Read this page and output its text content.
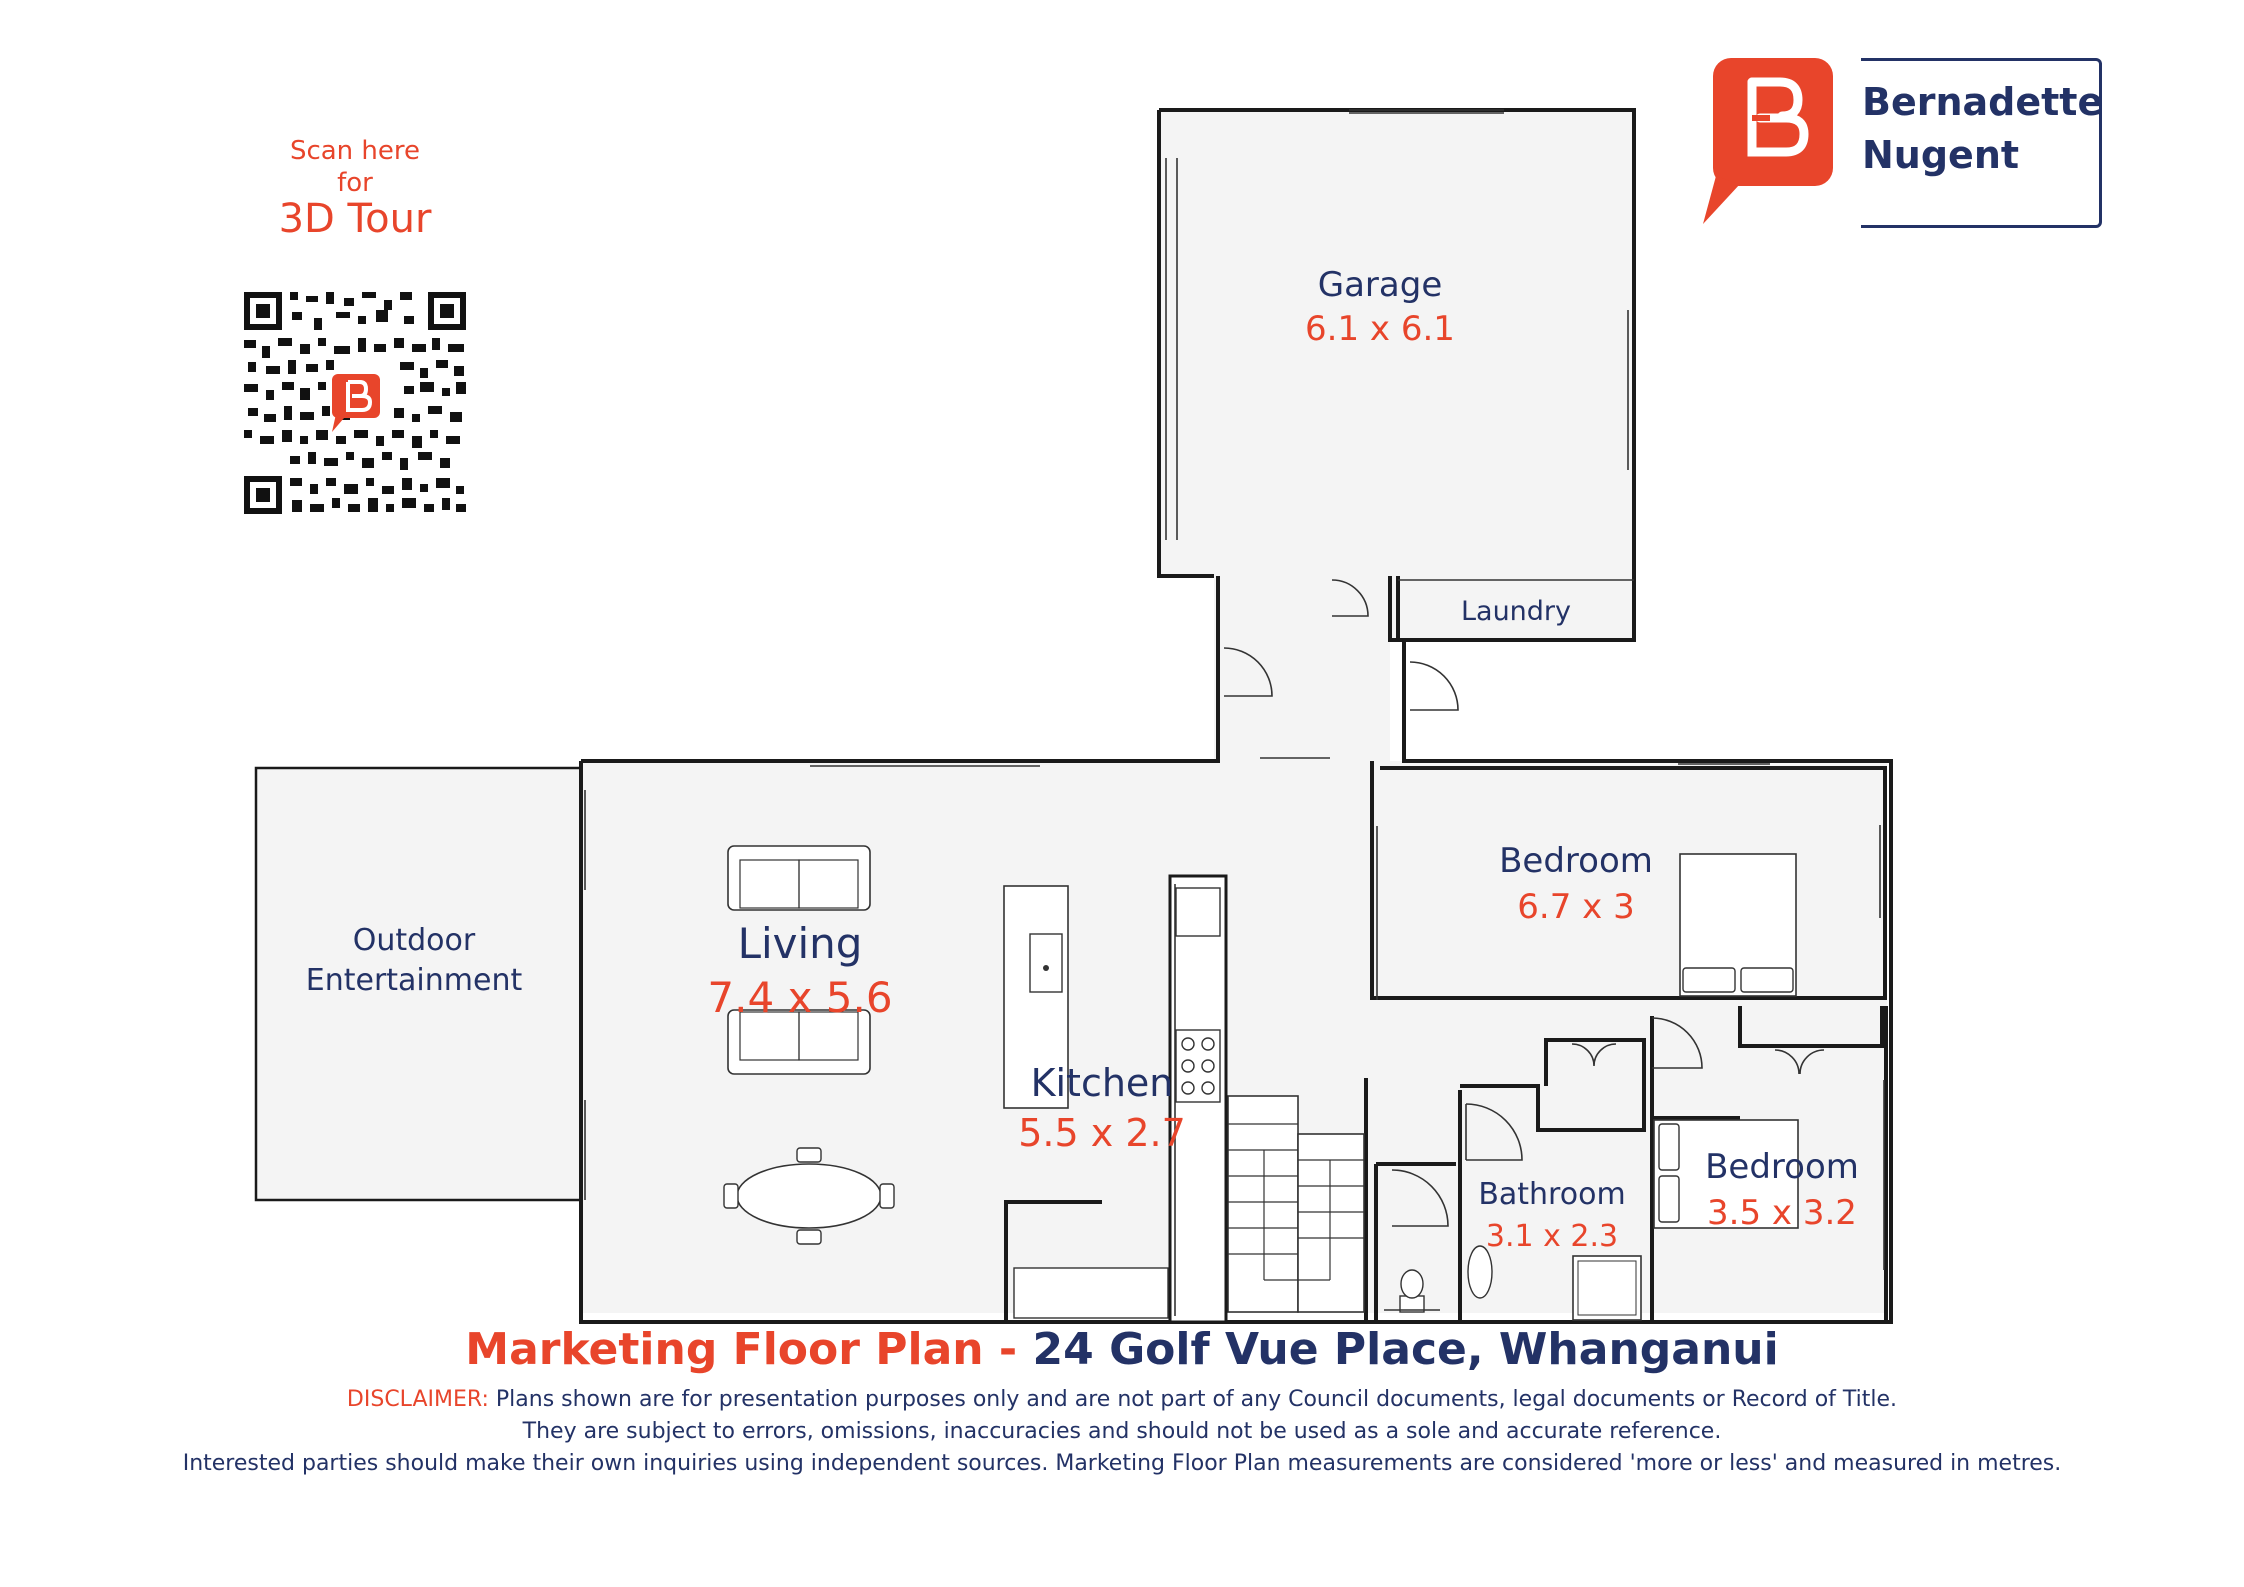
Scan here
for
3D Tour
Bernadette
Nugent
Garage
6.1 x 6.1
Laundry
Outdoor
Entertainment
Living
7.4 x 5.6
Kitchen
5.5 x 2.7
Bedroom
6.7 x 3
Bathroom
3.1 x 2.3
Bedroom
3.5 x 3.2
Marketing Floor Plan - 24 Golf Vue Place, Whanganui
DISCLAIMER: Plans shown are for presentation purposes only and are not part of any Council documents, legal documents or Record of Title.
They are subject to errors, omissions, inaccuracies and should not be used as a sole and accurate reference.
Interested parties should make their own inquiries using independent sources. Marketing Floor Plan measurements are considered 'more or less' and measured in metres.
